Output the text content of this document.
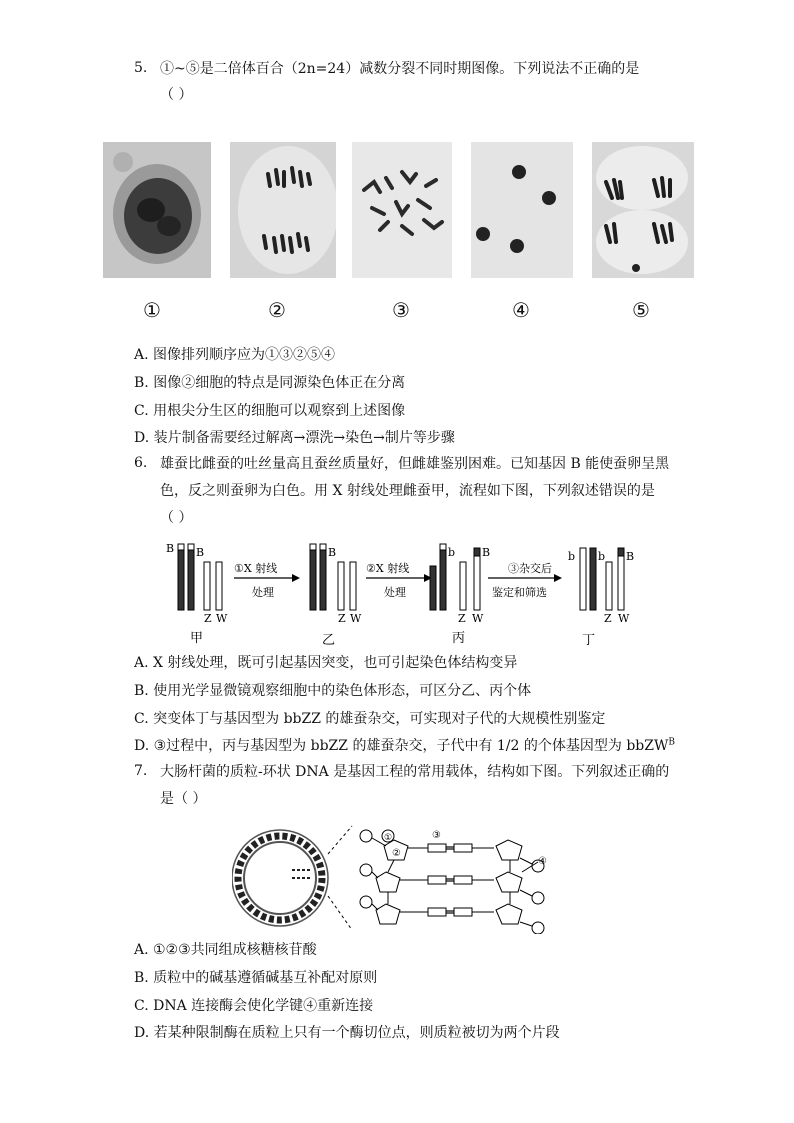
5. ①~⑤是二倍体百合（2n=24）减数分裂不同时期图像。下列说法不正确的是
（ ）
①	②	③	④	⑤
A. 图像排列顺序应为①③②⑤④
B. 图像②细胞的特点是同源染色体正在分离
C. 用根尖分生区的细胞可以观察到上述图像
D. 装片制备需要经过解离→漂洗→染色→制片等步骤
6. 雄蚕比雌蚕的吐丝量高且蚕丝质量好，但雌雄鉴别困难。已知基因 B 能使蚕卵呈黑
色，反之则蚕卵为白色。用 X 射线处理雌蚕甲，流程如下图，下列叙述错误的是
（ ）
B B
Z W
①X 射线
处理
B
Z W
②X 射线
处理
b B
Z W
③杂交后
鉴定和筛选
b b B
Z W
甲	乙	丙	丁
A. X 射线处理，既可引起基因突变，也可引起染色体结构变异
B. 使用光学显微镜观察细胞中的染色体形态，可区分乙、丙个体
C. 突变体丁与基因型为 bbZZ 的雄蚕杂交，可实现对子代的大规模性别鉴定
D. ③过程中，丙与基因型为 bbZZ 的雄蚕杂交，子代中有 1/2 的个体基因型为 bbZW$^B$
7. 大肠杆菌的质粒-环状 DNA 是基因工程的常用载体，结构如下图。下列叙述正确的
是（ ）
①
②
③
④
A. ①②③共同组成核糖核苷酸
B. 质粒中的碱基遵循碱基互补配对原则
C. DNA 连接酶会使化学键④重新连接
D. 若某种限制酶在质粒上只有一个酶切位点，则质粒被切为两个片段
